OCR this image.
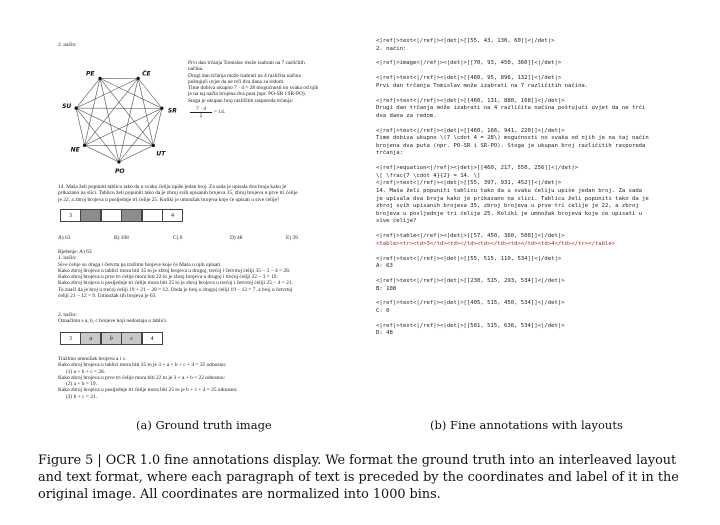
2. način:

PE	ČE
SR
UT
PO
NE
SU

Prvi dan trčanja Tomislav može izabrati na 7 različitih

načina.

Drugi dan trčanja može izabrati na 4 različita načina

poštujući uvjet da ne trči dva dana za redom.

Time dobiva ukupno 7 · 4 = 28 mogućnosti no svaka od njih

je na taj način brojena dva puta (npr. PO-SR i SR-PO).

Stoga je ukupan broj različitih rasporeda trčanja:

$\frac{7 \cdot 4}{2} = 14$.

14. Maša želi popuniti tablicu tako da u svaku ćeliju upiše jedan broj. Za sada je upisala dva broja kako je

prikazano na slici. Tablicu želi popuniti tako da je zbroj svih upisanih brojeva 35, zbroj brojeva u prve tri ćelije

je 22, a zbroj brojeva u posljednje tri ćelije 25. Koliki je umnožak brojeva koje će upisati u sive ćelije?

3	4
A) 63	B) 108	C) 0	D) 48	E) 39

Rješenje: A) 63

1. način:

Sive ćelije su druga i četvrta pa tražimo brojeve koje će Maša u njih upisati.

Kako zbroj brojeva u tablici mora biti 35 to je zbroj brojeva u drugoj, trećoj i četvrtoj ćeliji 35 − 3 − 4 = 28.

Kako zbroj brojeva u prve tri ćelije mora biti 22 to je zbroj brojeva u drugoj i trećoj ćeliji 22 − 3 = 19.

Kako zbroj brojeva u posljednje tri ćelije mora biti 25 to je zbroj brojeva u trećoj i četvrtoj ćeliji 25 − 4 = 21.

To znači da je broj u trećoj ćeliji 19 + 21 − 28 = 12. Onda je broj u drugoj ćeliji 19 − 12 = 7, a broj u četvrtoj

ćeliji 21 − 12 = 9. Umnožak tih brojeva je 63.

2. način:

Označimo s a, b, c brojeve koji nedostaju u tablici.

3	a	b	c	4

Tražimo umnožak brojeva a i c.

Kako zbroj brojeva u tablici mora biti 35 to je 3 + a + b + c + 4 = 35 odnosno:

(1) a + b + c = 28.

Kako zbroj brojeva u prve tri ćelije mora biti 22 to je 3 + a + b = 22 odnosno:

(2) a + b = 19.

Kako zbroj brojeva u posljednje tri ćelije mora biti 25 to je b + c + 4 = 25 odnosno:

(3) b + c = 21.

<|ref|>text<|/ref|><|det|>[[55, 43, 130, 60]]<|/det|>
2. način:
<|ref|>image<|/ref|><|det|>[[70, 93, 450, 360]]<|/det|>
<|ref|>text<|/ref|><|det|>[[460, 95, 896, 132]]<|/det|>
Prvi dan trčanja Tomislav može izabrati na 7 različitih načina.
<|ref|>text<|/ref|><|det|>[[460, 131, 880, 168]]<|/det|>
Drugi dan trčanja može izabrati na 4 različita načina poštujući uvjet da ne trči
dva dana za redom.
<|ref|>text<|/ref|><|det|>[[460, 166, 941, 220]]<|/det|>
Time dobiva ukupno \(7 \cdot 4 = 28\) mogućnosti no svaka od njih je na taj način
brojena dva puta (npr. PO-SR i SR-PO). Stoga je ukupan broj različitih rasporeda
trčanja:
<|ref|>equation<|/ref|><|det|>[[460, 217, 550, 256]]<|/det|>
\[ \frac{7 \cdot 4}{2} = 14. \]
<|ref|>text<|/ref|><|det|>[[55, 397, 931, 452]]<|/det|>
14. Maša želi popuniti tablicu tako da u svaku ćeliju upiše jedan broj. Za sada
je upisala dva broja kako je prikazano na slici. Tablicu želi popuniti tako da je
zbroj svih upisanih brojeva 35, zbroj brojeva u prve tri ćelije je 22, a zbroj
brojeva u posljednje tri ćelije 25. Koliki je umnožak brojeva koje će upisati u
sive ćelije?
<|ref|>table<|/ref|><|det|>[[57, 450, 360, 500]]<|/det|>
<table><tr><td>3</td><td></td><td></td><td></td><td>4</td></tr></table>
<|ref|>text<|/ref|><|det|>[[55, 515, 110, 534]]<|/det|>
A: 63
<|ref|>text<|/ref|><|det|>[[230, 515, 293, 534]]<|/det|>
B: 108
<|ref|>text<|/ref|><|det|>[[405, 515, 450, 534]]<|/det|>
C: 0
<|ref|>text<|/ref|><|det|>[[581, 515, 636, 534]]<|/det|>
D: 48

(a) Ground truth image	(b) Fine annotations with layouts

Figure 5 | OCR 1.0 fine annotations display. We format the ground truth into an interleaved layout and text format, where each paragraph of text is preceded by the coordinates and label of it in the original image. All coordinates are normalized into 1000 bins.
